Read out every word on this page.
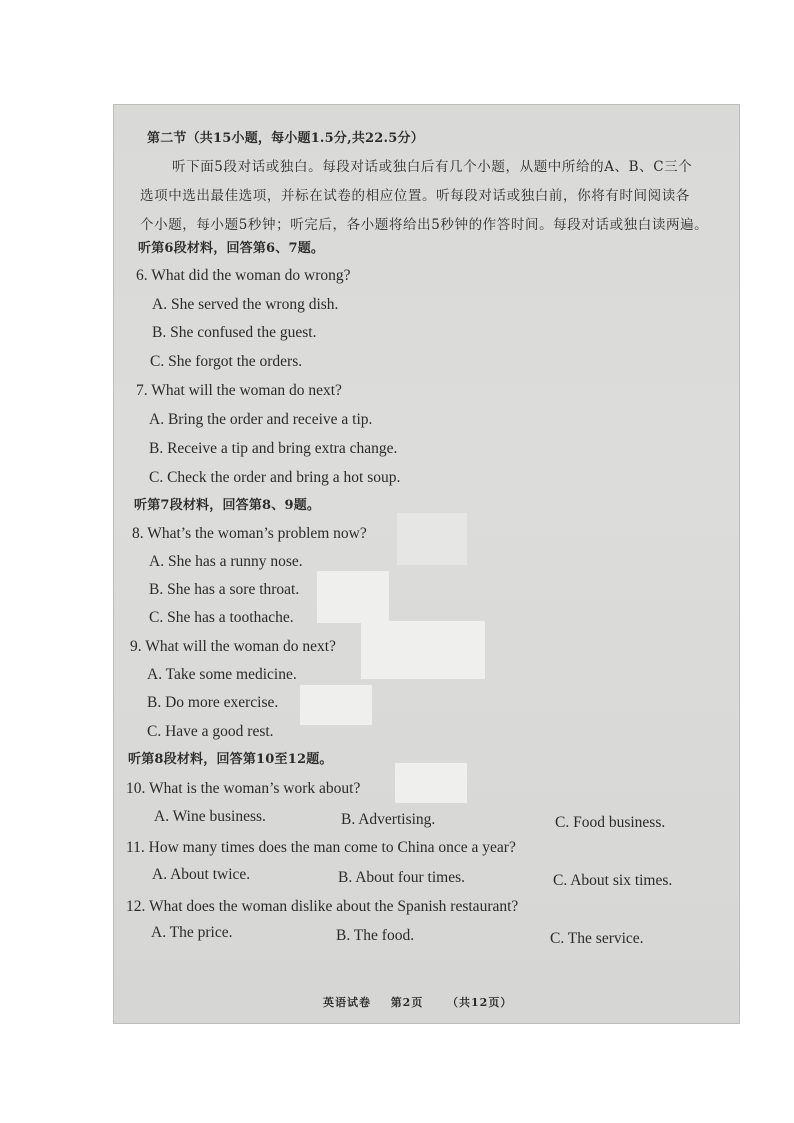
第二节（共15小题，每小题1.5分,共22.5分）
听下面5段对话或独白。每段对话或独白后有几个小题，从题中所给的A、B、C三个
选项中选出最佳选项，并标在试卷的相应位置。听每段对话或独白前，你将有时间阅读各
个小题，每小题5秒钟；听完后，各小题将给出5秒钟的作答时间。每段对话或独白读两遍。
听第6段材料，回答第6、7题。
6. What did the woman do wrong?
A. She served the wrong dish.
B. She confused the guest.
C. She forgot the orders.
7. What will the woman do next?
A. Bring the order and receive a tip.
B. Receive a tip and bring extra change.
C. Check the order and bring a hot soup.
听第7段材料，回答第8、9题。
8. What’s the woman’s problem now?
A. She has a runny nose.
B. She has a sore throat.
C. She has a toothache.
9. What will the woman do next?
A. Take some medicine.
B. Do more exercise.
C. Have a good rest.
听第8段材料，回答第10至12题。
10. What is the woman’s work about?
A. Wine business.	B. Advertising.	C. Food business.
11. How many times does the man come to China once a year?
A. About twice.	B. About four times.	C. About six times.
12. What does the woman dislike about the Spanish restaurant?
A. The price.	B. The food.	C. The service.
英语试卷 第2页 （共12页）
